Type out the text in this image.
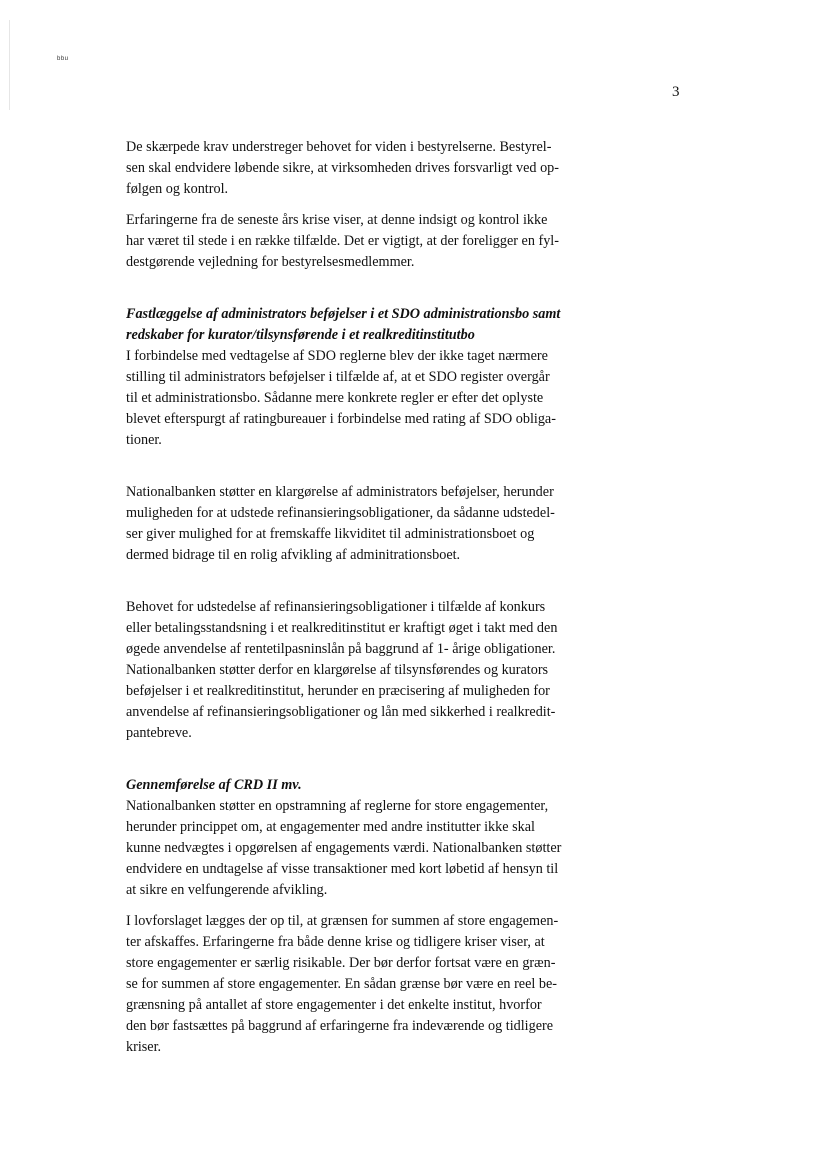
bbu
3

De skærpede krav understreger behovet for viden i bestyrelserne. Bestyrel-
sen skal endvidere løbende sikre, at virksomheden drives forsvarligt ved op-
følgen og kontrol.

Erfaringerne fra de seneste års krise viser, at denne indsigt og kontrol ikke
har været til stede i en række tilfælde. Det er vigtigt, at der foreligger en fyl-
destgørende vejledning for bestyrelsesmedlemmer.

Fastlæggelse af administrators beføjelser i et SDO administrationsbo samt
redskaber for kurator/tilsynsførende i et realkreditinstitutbo

I forbindelse med vedtagelse af SDO reglerne blev der ikke taget nærmere
stilling til administrators beføjelser i tilfælde af, at et SDO register overgår
til et administrationsbo. Sådanne mere konkrete regler er efter det oplyste
blevet efterspurgt af ratingbureauer i forbindelse med rating af SDO obliga-
tioner.

Nationalbanken støtter en klargørelse af administrators beføjelser, herunder
muligheden for at udstede refinansieringsobligationer, da sådanne udstedel-
ser giver mulighed for at fremskaffe likviditet til administrationsboet og
dermed bidrage til en rolig afvikling af adminitrationsboet.

Behovet for udstedelse af refinansieringsobligationer i tilfælde af konkurs
eller betalingsstandsning i et realkreditinstitut er kraftigt øget i takt med den
øgede anvendelse af rentetilpasninslån på baggrund af 1- årige obligationer.
Nationalbanken støtter derfor en klargørelse af tilsynsførendes og kurators
beføjelser i et realkreditinstitut, herunder en præcisering af muligheden for
anvendelse af refinansieringsobligationer og lån med sikkerhed i realkredit-
pantebreve.

Gennemførelse af CRD II mv.

Nationalbanken støtter en opstramning af reglerne for store engagementer,
herunder princippet om, at engagementer med andre institutter ikke skal
kunne nedvægtes i opgørelsen af engagements værdi. Nationalbanken støtter
endvidere en undtagelse af visse transaktioner med kort løbetid af hensyn til
at sikre en velfungerende afvikling.

I lovforslaget lægges der op til, at grænsen for summen af store engagemen-
ter afskaffes. Erfaringerne fra både denne krise og tidligere kriser viser, at
store engagementer er særlig risikable. Der bør derfor fortsat være en græn-
se for summen af store engagementer. En sådan grænse bør være en reel be-
grænsning på antallet af store engagementer i det enkelte institut, hvorfor
den bør fastsættes på baggrund af erfaringerne fra indeværende og tidligere
kriser.
